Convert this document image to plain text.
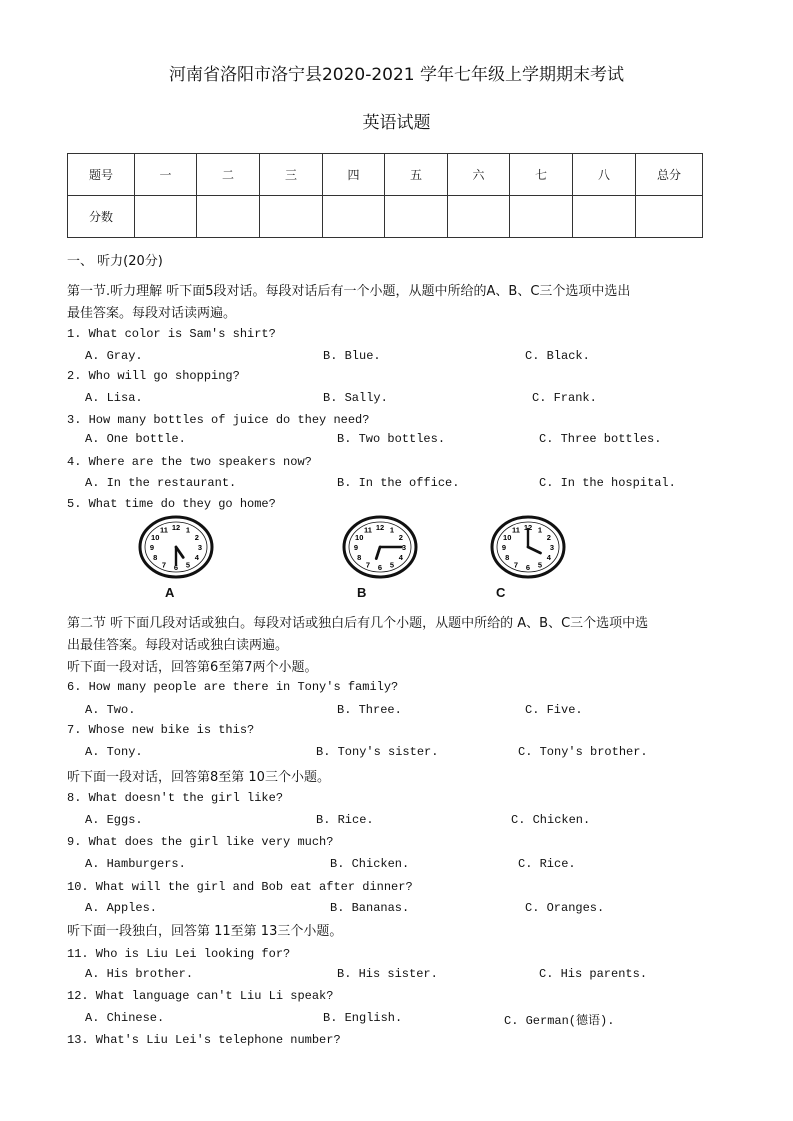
河南省洛阳市洛宁县2020-2021 学年七年级上学期期末考试
英语试题
题号	一	二	三	四	五	六	七	八	总分
分数									
一、 听力(20分)
第一节.听力理解 听下面5段对话。每段对话后有一个小题，从题中所给的A、B、C三个选项中选出
最佳答案。每段对话读两遍。
1. What color is Sam's shirt?
A. Gray.	B. Blue.	C. Black.
2. Who will go shopping?
A. Lisa.	B. Sally.	C. Frank.
3. How many bottles of juice do they need?
A. One bottle.	B. Two bottles.	C. Three bottles.
4. Where are the two speakers now?
A. In the restaurant.	B. In the office.	C. In the hospital.
5. What time do they go home?
12 1
2
3
4
5
6
7
8
9
10
11	12 1
2
3
4
5
6
7
8
9
10
11	12 1
2
3
4
5
6
7
8
9
10
11
A	B	C
第二节 听下面几段对话或独白。每段对话或独白后有几个小题，从题中所给的 A、B、C三个选项中选
出最佳答案。每段对话或独白读两遍。
听下面一段对话，回答第6至第7两个小题。
6. How many people are there in Tony's family?
A. Two.	B. Three.	C. Five.
7. Whose new bike is this?
A. Tony.	B. Tony's sister.	C. Tony's brother.
听下面一段对话，回答第8至第 10三个小题。
8. What doesn't the girl like?
A. Eggs.	B. Rice.	C. Chicken.
9. What does the girl like very much?
A. Hamburgers.	B. Chicken.	C. Rice.
10. What will the girl and Bob eat after dinner?
A. Apples.	B. Bananas.	C. Oranges.
听下面一段独白，回答第 11至第 13三个小题。
11. Who is Liu Lei looking for?
A. His brother.	B. His sister.	C. His parents.
12. What language can't Liu Li speak?
A. Chinese.	B. English.	C. German(德语).
13. What's Liu Lei's telephone number?
